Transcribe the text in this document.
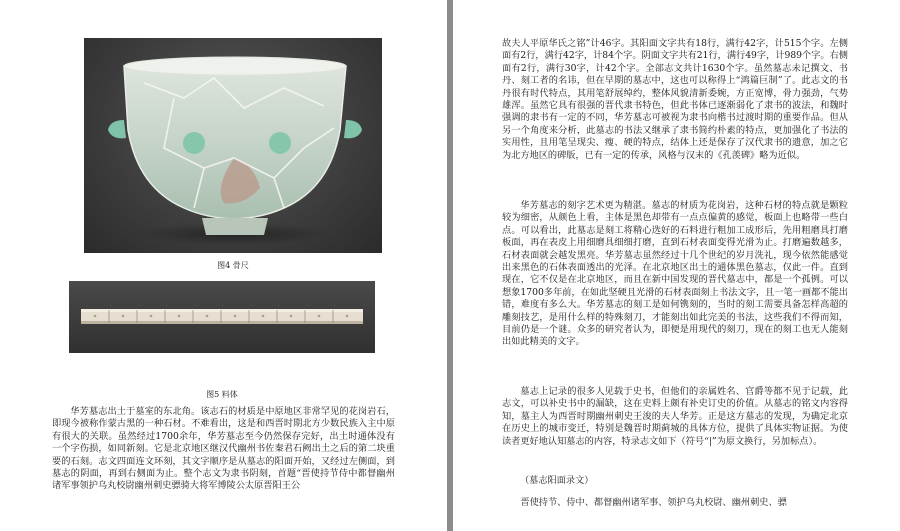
图4 骨尺
图5 料体

华芳墓志出土于墓室的东北角。该志石的材质是中原地区非常罕见的花岗岩石，即现今被称作蒙古黑的一种石材。不难看出，这是和西晋时期北方少数民族入主中原有很大的关联。虽然经过1700余年，华芳墓志至今仍然保存完好，出土时通体没有一个字伤损，如同新刻。它是北京地区继汉代幽州书佐秦君石阙出土之后的第二块重要的石刻。志文四面连文环刻，其文字顺序是从墓志的阳面开始，又经过左侧面，到墓志的阴面，再到右侧面为止。整个志文为隶书阴刻，首题“晋使持节侍中都督幽州诸军事领护乌丸校尉幽州刺史骠骑大将军博陵公太原晋阳王公

故夫人平原华氏之铭”计46字。其阳面文字共有18行，满行42字，计515个字。左侧面有2行，满行42字，计84个字。阴面文字共有21行，满行49字，计989个字。右侧面有2行，满行30字，计42个字。全部志文共计1630个字。虽然墓志未记撰文、书丹、刻工者的名讳，但在早期的墓志中，这也可以称得上“鸿篇巨制”了。此志文的书丹很有时代特点，其用笔舒展绰约，整体风貌清新委婉，方正宽博，骨力强劲，气势雄浑。虽然它具有很强的晋代隶书特色，但此书体已逐渐弱化了隶书的波法，和魏时强调的隶书有一定的不同，华芳墓志可被视为隶书向楷书过渡时期的重要作品。但从另一个角度来分析，此墓志的书法又继承了隶书简约朴素的特点，更加强化了书法的实用性，且用笔呈现尖、瘦、硬的特点，结体上还是保存了汉代隶书的遗意，加之它为北方地区的碑版，已有一定的传承，风格与汉末的《孔羡碑》略为近似。

华芳墓志的刻字艺术更为精湛。墓志的材质为花岗岩，这种石材的特点就是颗粒较为细密，从颜色上看，主体是黑色却带有一点点偏黄的感觉，板面上也略带一些白点。可以看出，此墓志是刻工将精心选好的石料进行粗加工成形后，先用粗磨具打磨板面，再在表皮上用细磨具细细打磨，直到石材表面变得光滑为止。打磨遍数越多，石材表面就会越发黑亮。华芳墓志虽然经过十几个世纪的岁月洗礼，现今依然能感觉出来黑色的石体表面透出的光泽。在北京地区出土的通体黑色墓志，仅此一件。直到现在，它不仅是在北京地区，而且在新中国发现的晋代墓志中，都是一个孤例。可以想象1700多年前，在如此坚硬且光滑的石材表面刻上书法文字，且一笔一画都不能出错，难度有多么大。华芳墓志的刻工是如何镌刻的，当时的刻工需要具备怎样高超的雕刻技艺，是用什么样的特殊刻刀，才能刻出如此完美的书法，这些我们不得而知，目前仍是一个谜。众多的研究者认为，即便是用现代的刻刀，现在的刻工也无人能刻出如此精美的文字。

墓志上记录的很多人见载于史书，但他们的亲属姓名、官爵等都不见于记载，此志文，可以补史书中的漏缺，这在史料上颇有补史订史的价值。从墓志的铭文内容得知，墓主人为西晋时期幽州刺史王浚的夫人华芳。正是这方墓志的发现，为确定北京在历史上的城市变迁，特别是魏晋时期蓟城的具体方位，提供了具体实物证据。为使读者更好地认知墓志的内容，特录志文如下（符号“|”为原文换行，另加标点）。

（墓志阳面录文）

晋使持节、侍中、都督幽州诸军事、领护乌丸校尉、幽州刺史、骠
